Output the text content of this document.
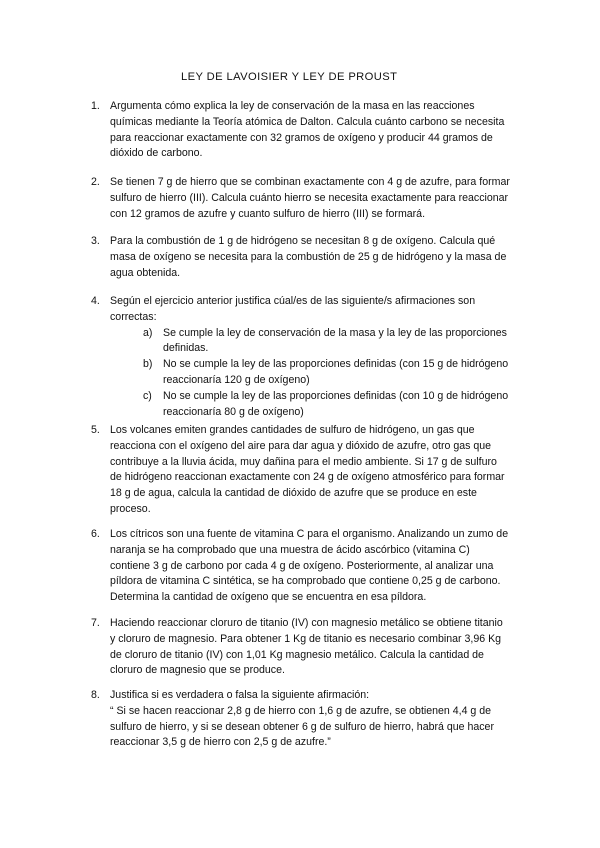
LEY DE LAVOISIER Y LEY DE PROUST
1. Argumenta cómo explica la ley de conservación de la masa en las reacciones
químicas mediante la Teoría atómica de Dalton. Calcula cuánto carbono se necesita
para reaccionar exactamente con 32 gramos de oxígeno y producir 44 gramos de
dióxido de carbono.
2. Se tienen 7 g de hierro que se combinan exactamente con 4 g de azufre, para formar
sulfuro de hierro (III). Calcula cuánto hierro se necesita exactamente para reaccionar
con 12 gramos de azufre y cuanto sulfuro de hierro (III) se formará.
3. Para la combustión de 1 g de hidrógeno se necesitan 8 g de oxígeno. Calcula qué
masa de oxígeno se necesita para la combustión de 25 g de hidrógeno y la masa de
agua obtenida.
4. Según el ejercicio anterior justifica cúal/es de las siguiente/s afirmaciones son
correctas:
a) Se cumple la ley de conservación de la masa y la ley de las proporciones
definidas.
b) No se cumple la ley de las proporciones definidas (con 15 g de hidrógeno
reaccionaría 120 g de oxígeno)
c) No se cumple la ley de las proporciones definidas (con 10 g de hidrógeno
reaccionaría 80 g de oxígeno)
5. Los volcanes emiten grandes cantidades de sulfuro de hidrógeno, un gas que
reacciona con el oxígeno del aire para dar agua y dióxido de azufre, otro gas que
contribuye a la lluvia ácida, muy dañina para el medio ambiente. Si 17 g de sulfuro
de hidrógeno reaccionan exactamente con 24 g de oxígeno atmosférico para formar
18 g de agua, calcula la cantidad de dióxido de azufre que se produce en este
proceso.
6. Los cítricos son una fuente de vitamina C para el organismo. Analizando un zumo de
naranja se ha comprobado que una muestra de ácido ascórbico (vitamina C)
contiene 3 g de carbono por cada 4 g de oxígeno. Posteriormente, al analizar una
píldora de vitamina C sintética, se ha comprobado que contiene 0,25 g de carbono.
Determina la cantidad de oxígeno que se encuentra en esa píldora.
7. Haciendo reaccionar cloruro de titanio (IV) con magnesio metálico se obtiene titanio
y cloruro de magnesio. Para obtener 1 Kg de titanio es necesario combinar 3,96 Kg
de cloruro de titanio (IV) con 1,01 Kg magnesio metálico. Calcula la cantidad de
cloruro de magnesio que se produce.
8. Justifica si es verdadera o falsa la siguiente afirmación:
“ Si se hacen reaccionar 2,8 g de hierro con 1,6 g de azufre, se obtienen 4,4 g de
sulfuro de hierro, y si se desean obtener 6 g de sulfuro de hierro, habrá que hacer
reaccionar 3,5 g de hierro con 2,5 g de azufre.”
